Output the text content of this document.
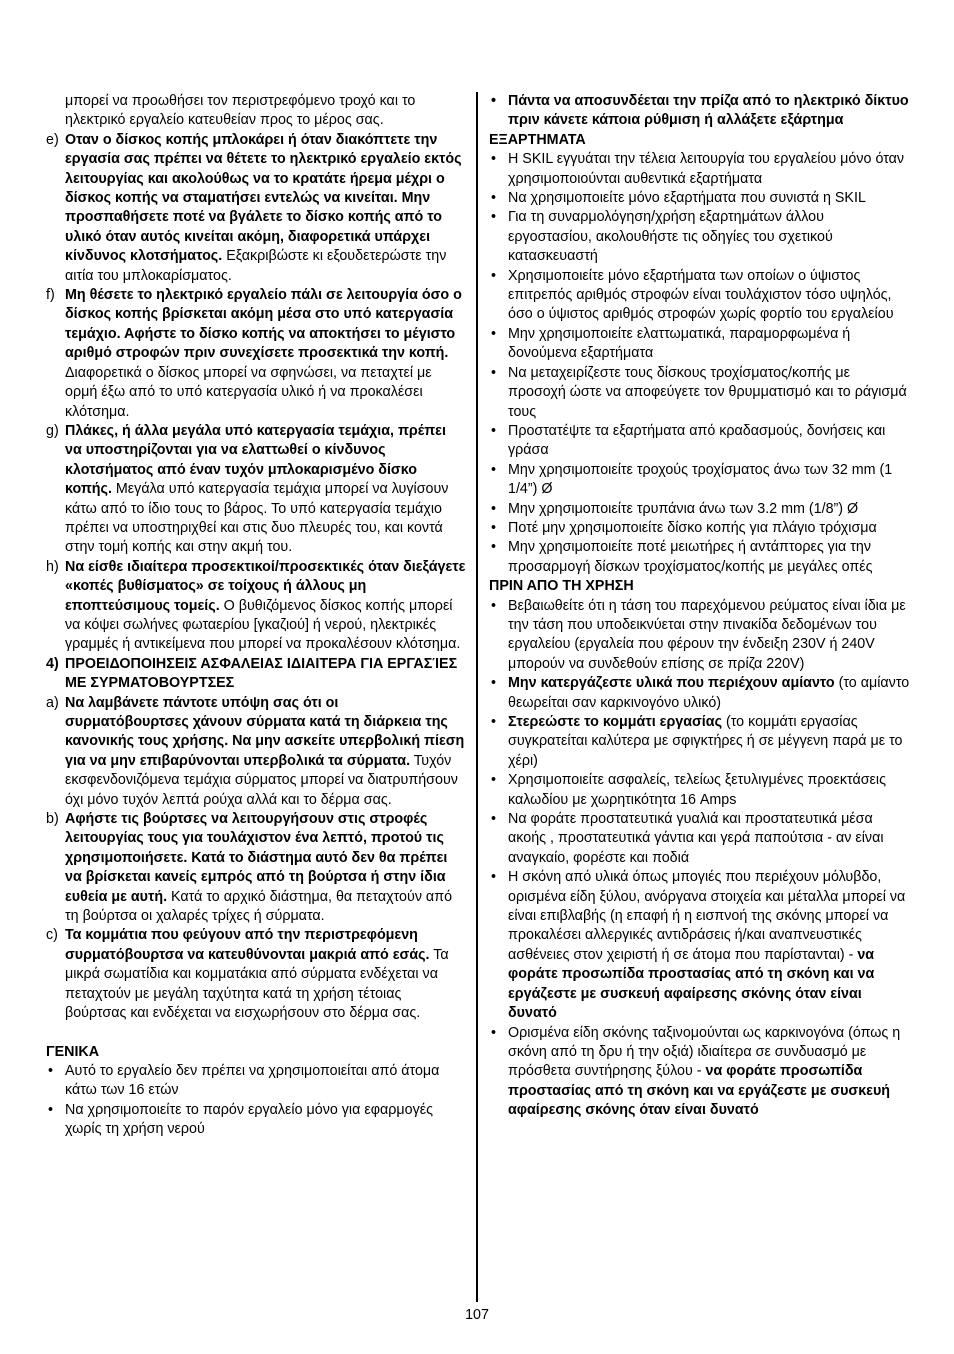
μπορεί να προωθήσει τον περιστρεφόμενο τροχό και το ηλεκτρικό εργαλείο κατευθείαν προς το μέρος σας.
e) Οταν ο δίσκος κοπής μπλοκάρει ή όταν διακόπτετε την εργασία σας πρέπει να θέτετε το ηλεκτρικό εργαλείο εκτός λειτουργίας και ακολούθως να το κρατάτε ήρεμα μέχρι ο δίσκος κοπής να σταματήσει εντελώς να κινείται. Μην προσπαθήσετε ποτέ να βγάλετε το δίσκο κοπής από το υλικό όταν αυτός κινείται ακόμη, διαφορετικά υπάρχει κίνδυνος κλοτσήματος. Εξακριβώστε κι εξουδετερώστε την αιτία του μπλοκαρίσματος.
f) Μη θέσετε το ηλεκτρικό εργαλείο πάλι σε λειτουργία όσο ο δίσκος κοπής βρίσκεται ακόμη μέσα στο υπό κατεργασία τεμάχιο. Αφήστε το δίσκο κοπής να αποκτήσει το μέγιστο αριθμό στροφών πριν συνεχίσετε προσεκτικά την κοπή. Διαφορετικά ο δίσκος μπορεί να σφηνώσει, να πεταχτεί με ορμή έξω από το υπό κατεργασία υλικό ή να προκαλέσει κλότσημα.
g) Πλάκες, ή άλλα μεγάλα υπό κατεργασία τεμάχια, πρέπει να υποστηρίζονται για να ελαττωθεί ο κίνδυνος κλοτσήματος από έναν τυχόν μπλοκαρισμένο δίσκο κοπής. Μεγάλα υπό κατεργασία τεμάχια μπορεί να λυγίσουν κάτω από το ίδιο τους το βάρος. Το υπό κατεργασία τεμάχιο πρέπει να υποστηριχθεί και στις δυο πλευρές του, και κοντά στην τομή κοπής και στην ακμή του.
h) Να είσθε ιδιαίτερα προσεκτικοί/προσεκτικές όταν διεξάγετε «κοπές βυθίσματος» σε τοίχους ή άλλους μη εποπτεύσιμους τομείς. Ο βυθιζόμενος δίσκος κοπής μπορεί να κόψει σωλήνες φωταερίου [γκαζιού] ή νερού, ηλεκτρικές γραμμές ή αντικείμενα που μπορεί να προκαλέσουν κλότσημα.
4) ΠΡΟΕΙΔΟΠΟΙΗΣΕΙΣ ΑΣΦΑΛΕΙΑΣ ΙΔΙΑΙΤΕΡΑ ΓΙΑ ΕΡΓΑΣΊΕΣ ΜΕ ΣΥΡΜΑΤΟΒΟΥΡΤΣΕΣ
a) Να λαμβάνετε πάντοτε υπόψη σας ότι οι συρματόβουρτσες χάνουν σύρματα κατά τη διάρκεια της κανονικής τους χρήσης. Να μην ασκείτε υπερβολική πίεση για να μην επιβαρύνονται υπερβολικά τα σύρματα. Τυχόν εκσφενδονιζόμενα τεμάχια σύρματος μπορεί να διατρυπήσουν όχι μόνο τυχόν λεπτά ρούχα αλλά και το δέρμα σας.
b) Αφήστε τις βούρτσες να λειτουργήσουν στις στροφές λειτουργίας τους για τουλάχιστον ένα λεπτό, προτού τις χρησιμοποιήσετε. Κατά το διάστημα αυτό δεν θα πρέπει να βρίσκεται κανείς εμπρός από τη βούρτσα ή στην ίδια ευθεία με αυτή. Κατά το αρχικό διάστημα, θα πεταχτούν από τη βούρτσα οι χαλαρές τρίχες ή σύρματα.
c) Τα κομμάτια που φεύγουν από την περιστρεφόμενη συρματόβουρτσα να κατευθύνονται μακριά από εσάς. Τα μικρά σωματίδια και κομματάκια από σύρματα ενδέχεται να πεταχτούν με μεγάλη ταχύτητα κατά τη χρήση τέτοιας βούρτσας και ενδέχεται να εισχωρήσουν στο δέρμα σας.
ΓΕΝΙΚΑ
• Αυτό το εργαλείο δεν πρέπει να χρησιμοποιείται από άτομα κάτω των 16 ετών
• Να χρησιμοποιείτε το παρόν εργαλείο μόνο για εφαρμογές χωρίς τη χρήση νερού
• Πάντα να αποσυνδέεται την πρίζα από το ηλεκτρικό δίκτυο πριν κάνετε κάποια ρύθμιση ή αλλάξετε εξάρτημα
ΕΞΑΡΤΗΜΑΤΑ
• Η SKIL εγγυάται την τέλεια λειτουργία του εργαλείου μόνο όταν χρησιμοποιούνται αυθεντικά εξαρτήματα
• Να χρησιμοποιείτε μόνο εξαρτήματα που συνιστά η SKIL
• Για τη συναρμολόγηση/χρήση εξαρτημάτων άλλου εργοστασίου, ακολουθήστε τις οδηγίες του σχετικού κατασκευαστή
• Χρησιμοποιείτε μόνο εξαρτήματα των οποίων ο ύψιστος επιτρεπός αριθμός στροφών είναι τουλάχιστον τόσο υψηλός, όσο ο ύψιστος αριθμός στροφών χωρίς φορτίο του εργαλείου
• Μην χρησιμοποιείτε ελαττωματικά, παραμορφωμένα ή δονούμενα εξαρτήματα
• Να μεταχειρίζεστε τους δίσκους τροχίσματος/κοπής με προσοχή ώστε να αποφεύγετε τον θρυμματισμό και το ράγισμά τους
• Προστατέψτε τα εξαρτήματα από κραδασμούς, δονήσεις και γράσα
• Μην χρησιμοποιείτε τροχούς τροχίσματος άνω των 32 mm (1 1/4”) Ø
• Μην χρησιμοποιείτε τρυπάνια άνω των 3.2 mm (1/8”) Ø
• Ποτέ μην χρησιμοποιείτε δίσκο κοπής για πλάγιο τρόχισμα
• Μην χρησιμοποιείτε ποτέ μειωτήρες ή αντάπτορες για την προσαρμογή δίσκων τροχίσματος/κοπής με μεγάλες οπές
ΠΡΙΝ ΑΠΟ ΤΗ ΧΡΗΣΗ
• Βεβαιωθείτε ότι η τάση του παρεχόμενου ρεύματος είναι ίδια με την τάση που υποδεικνύεται στην πινακίδα δεδομένων του εργαλείου (εργαλεία που φέρουν την ένδειξη 230V ή 240V μπορούν να συνδεθούν επίσης σε πρίζα 220V)
• Μην κατεργάζεστε υλικά που περιέχουν αμίαντο (το αμίαντο θεωρείται σαν καρκινογόνο υλικό)
• Στερεώστε το κομμάτι εργασίας (το κομμάτι εργασίας συγκρατείται καλύτερα με σφιγκτήρες ή σε μέγγενη παρά με το χέρι)
• Χρησιμοποιείτε ασφαλείς, τελείως ξετυλιγμένες προεκτάσεις καλωδίου με χωρητικότητα 16 Amps
• Να φοράτε προστατευτικά γυαλιά και προστατευτικά μέσα ακοής , προστατευτικά γάντια και γερά παπούτσια - αν είναι αναγκαίο, φορέστε και ποδιά
• Η σκόνη από υλικά όπως μπογιές που περιέχουν μόλυβδο, ορισμένα είδη ξύλου, ανόργανα στοιχεία και μέταλλα μπορεί να είναι επιβλαβής (η επαφή ή η εισπνοή της σκόνης μπορεί να προκαλέσει αλλεργικές αντιδράσεις ή/και αναπνευστικές ασθένειες στον χειριστή ή σε άτομα που παρίστανται) - να φοράτε προσωπίδα προστασίας από τη σκόνη και να εργάζεστε με συσκευή αφαίρεσης σκόνης όταν είναι δυνατό
• Ορισμένα είδη σκόνης ταξινομούνται ως καρκινογόνα (όπως η σκόνη από τη δρυ ή την οξιά) ιδιαίτερα σε συνδυασμό με πρόσθετα συντήρησης ξύλου - να φοράτε προσωπίδα προστασίας από τη σκόνη και να εργάζεστε με συσκευή αφαίρεσης σκόνης όταν είναι δυνατό
107
